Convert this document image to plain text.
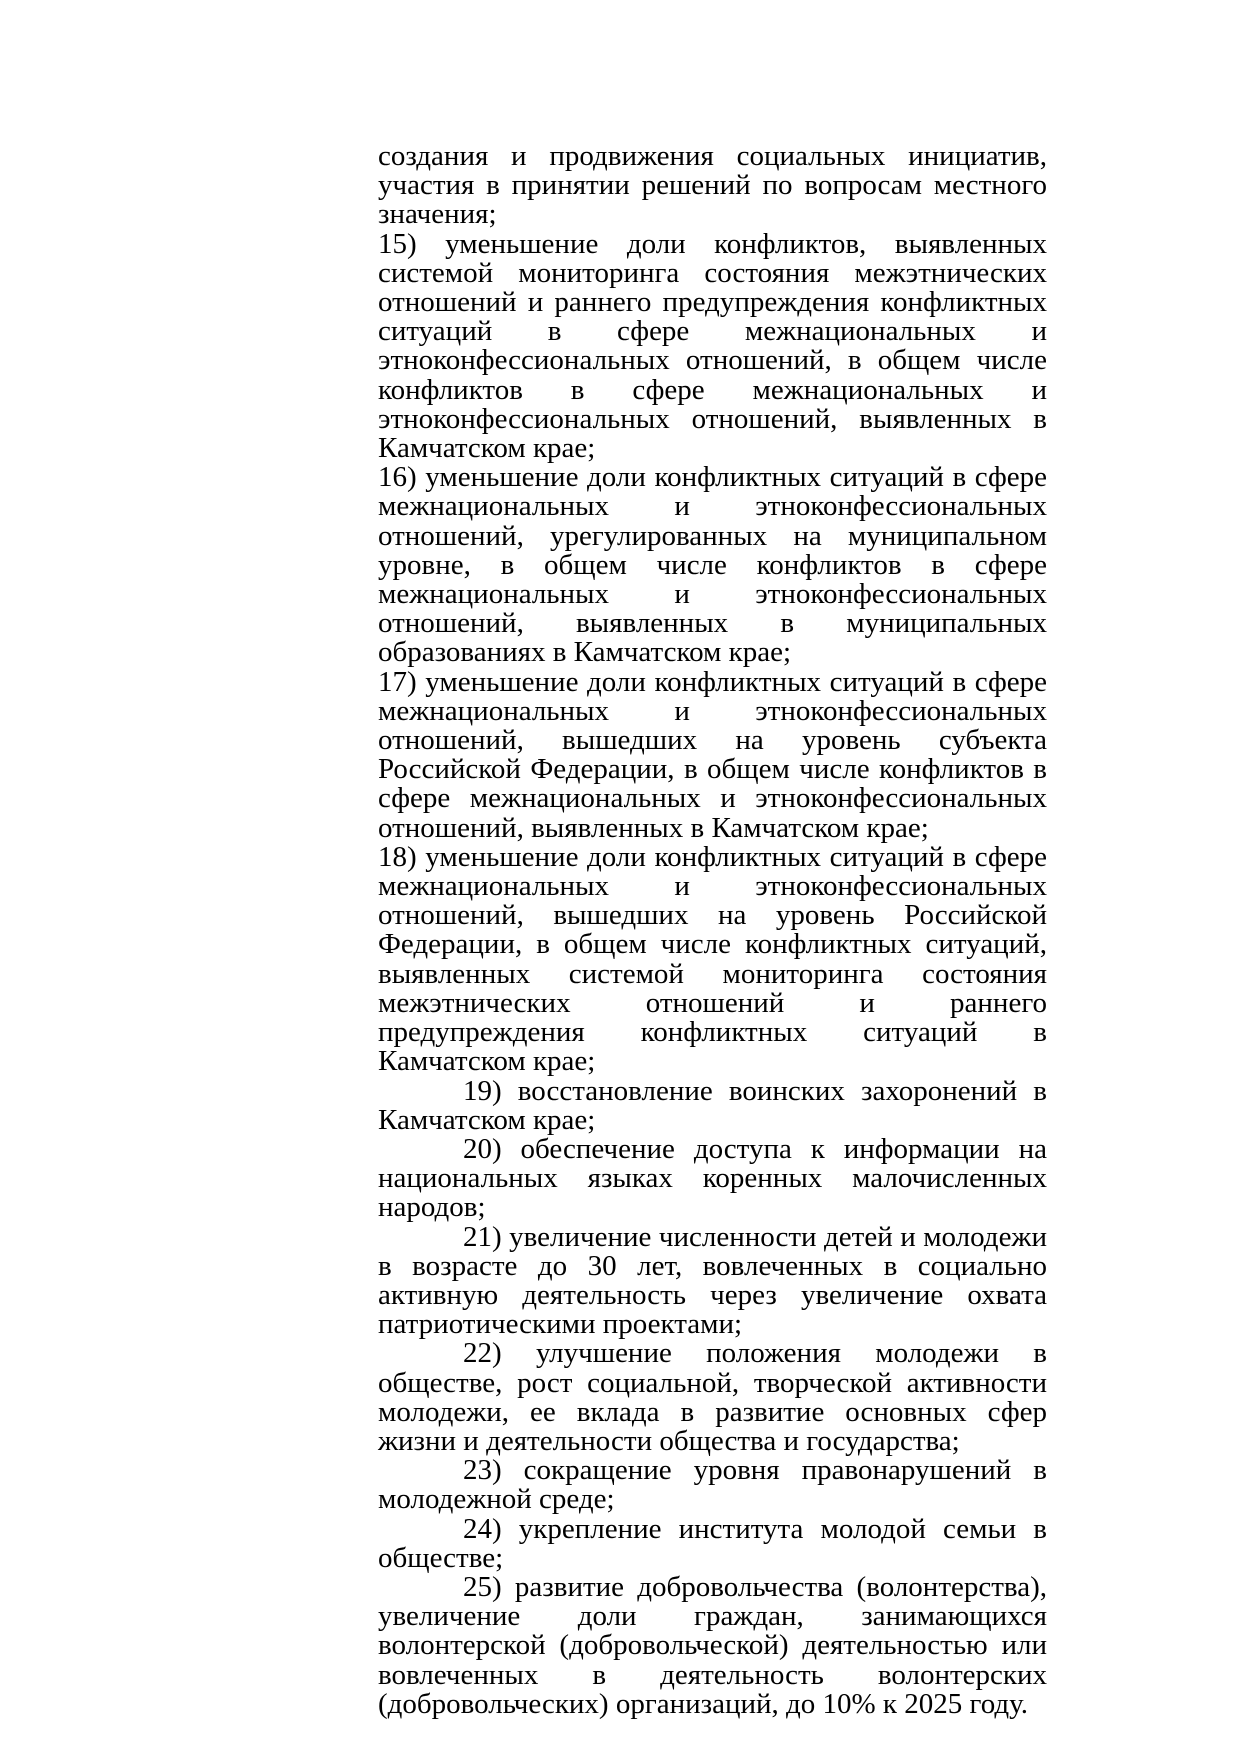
создания и продвижения социальных инициатив, участия в принятии решений по вопросам местного значения;

15) уменьшение доли конфликтов, выявленных системой мониторинга состояния межэтнических отношений и раннего предупреждения конфликтных ситуаций в сфере межнациональных и этноконфессиональных отношений, в общем числе конфликтов в сфере межнациональных и этноконфессиональных отношений, выявленных в Камчатском крае;

16) уменьшение доли конфликтных ситуаций в сфере межнациональных и этноконфессиональных отношений, урегулированных на муниципальном уровне, в общем числе конфликтов в сфере межнациональных и этноконфессиональных отношений, выявленных в муниципальных образованиях в Камчатском крае;

17) уменьшение доли конфликтных ситуаций в сфере межнациональных и этноконфессиональных отношений, вышедших на уровень субъекта Российской Федерации, в общем числе конфликтов в сфере межнациональных и этноконфессиональных отношений, выявленных в Камчатском крае;

18) уменьшение доли конфликтных ситуаций в сфере межнациональных и этноконфессиональных отношений, вышедших на уровень Российской Федерации, в общем числе конфликтных ситуаций, выявленных системой мониторинга состояния межэтнических отношений и раннего предупреждения конфликтных ситуаций в Камчатском крае;

19) восстановление воинских захоронений в Камчатском крае;

20) обеспечение доступа к информации на национальных языках коренных малочисленных народов;

21) увеличение численности детей и молодежи в возрасте до 30 лет, вовлеченных в социально активную деятельность через увеличение охвата патриотическими проектами;

22) улучшение положения молодежи в обществе, рост социальной, творческой активности молодежи, ее вклада в развитие основных сфер жизни и деятельности общества и государства;

23) сокращение уровня правонарушений в молодежной среде;

24) укрепление института молодой семьи в обществе;

25) развитие добровольчества (волонтерства), увеличение доли граждан, занимающихся волонтерской (добровольческой) деятельностью или вовлеченных в деятельность волонтерских (добровольческих) организаций, до 10% к 2025 году.
